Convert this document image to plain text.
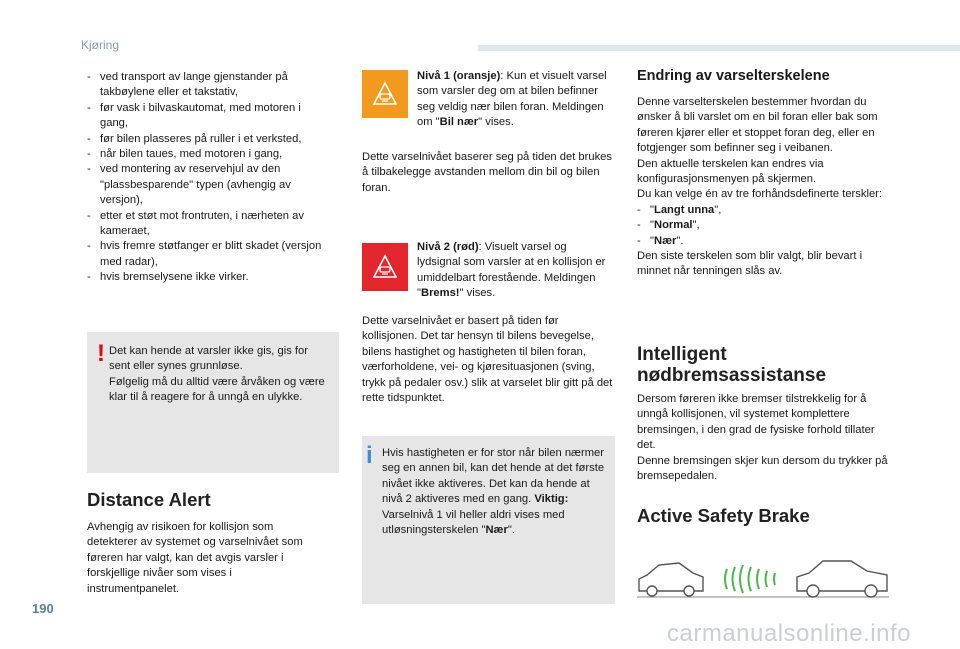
Kjøring
- ved transport av lange gjenstander på takbøylene eller et takstativ,
- før vask i bilvaskautomat, med motoren i gang,
- før bilen plasseres på ruller i et verksted,
- når bilen taues, med motoren i gang,
- ved montering av reservehjul av den "plassbesparende" typen (avhengig av versjon),
- etter et støt mot frontruten, i nærheten av kameraet,
- hvis fremre støtfanger er blitt skadet (versjon med radar),
- hvis bremselysene ikke virker.
! Det kan hende at varsler ikke gis, gis for sent eller synes grunnløse.
Følgelig må du alltid være årvåken og være klar til å reagere for å unngå en ulykke.
Distance Alert
Avhengig av risikoen for kollisjon som detekterer av systemet og varselnivået som føreren har valgt, kan det avgis varsler i forskjellige nivåer som vises i instrumentpanelet.
Nivå 1 (oransje): Kun et visuelt varsel som varsler deg om at bilen befinner seg veldig nær bilen foran. Meldingen om "Bil nær" vises.
Dette varselnivået baserer seg på tiden det brukes å tilbakelegge avstanden mellom din bil og bilen foran.
Nivå 2 (rød): Visuelt varsel og lydsignal som varsler at en kollisjon er umiddelbart forestående. Meldingen "Brems!" vises.
Dette varselnivået er basert på tiden før kollisjonen. Det tar hensyn til bilens bevegelse, bilens hastighet og hastigheten til bilen foran, værforholdene, vei- og kjøresituasjonen (sving, trykk på pedaler osv.) slik at varselet blir gitt på det rette tidspunktet.
i Hvis hastigheten er for stor når bilen nærmer seg en annen bil, kan det hende at det første nivået ikke aktiveres. Det kan da hende at nivå 2 aktiveres med en gang. Viktig: Varselnivå 1 vil heller aldri vises med utløsningsterskelen "Nær".
Endring av varselterskelene
Denne varselterskelen bestemmer hvordan du ønsker å bli varslet om en bil foran eller bak som føreren kjører eller et stoppet foran deg, eller en fotgjenger som befinner seg i veibanen.
Den aktuelle terskelen kan endres via konfigurasjonsmenyen på skjermen.
Du kan velge én av tre forhåndsdefinerte terskler:
- "Langt unna",
- "Normal",
- "Nær".
Den siste terskelen som blir valgt, blir bevart i minnet når tenningen slås av.
Intelligent
nødbremsassistanse
Dersom føreren ikke bremser tilstrekkelig for å unngå kollisjonen, vil systemet komplettere bremsingen, i den grad de fysiske forhold tillater det.
Denne bremsingen skjer kun dersom du trykker på bremsepedalen.
Active Safety Brake
190
carmanualsonline.info
